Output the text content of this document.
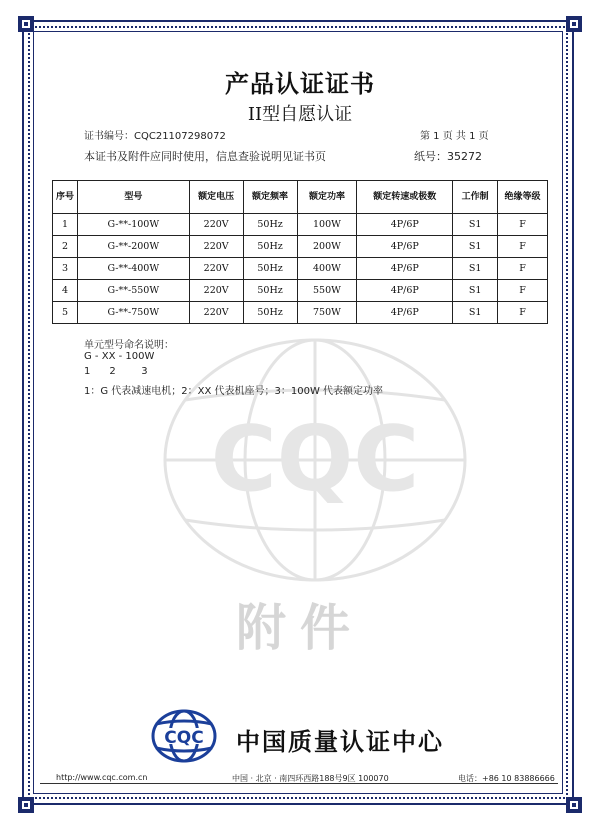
CQC
附件
产品认证证书
II型自愿认证
证书编号：CQC21107298072	第 1 页 共 1 页
本证书及附件应同时使用，信息查验说明见证书页	纸号：35272
序号	型号	额定电压	额定频率	额定功率	额定转速或极数	工作制	绝缘等级
1	G-**-100W	220V	50Hz	100W	4P/6P	S1	F
2	G-**-200W	220V	50Hz	200W	4P/6P	S1	F
3	G-**-400W	220V	50Hz	400W	4P/6P	S1	F
4	G-**-550W	220V	50Hz	550W	4P/6P	S1	F
5	G-**-750W	220V	50Hz	750W	4P/6P	S1	F
单元型号命名说明：
G - XX - 100W
1      2        3
1：G 代表减速电机；2：XX 代表机座号；3：100W 代表额定功率
CQC 中国质量认证中心
http://www.cqc.com.cn	中国 · 北京 · 南四环西路188号9区 100070	电话：+86 10 83886666
